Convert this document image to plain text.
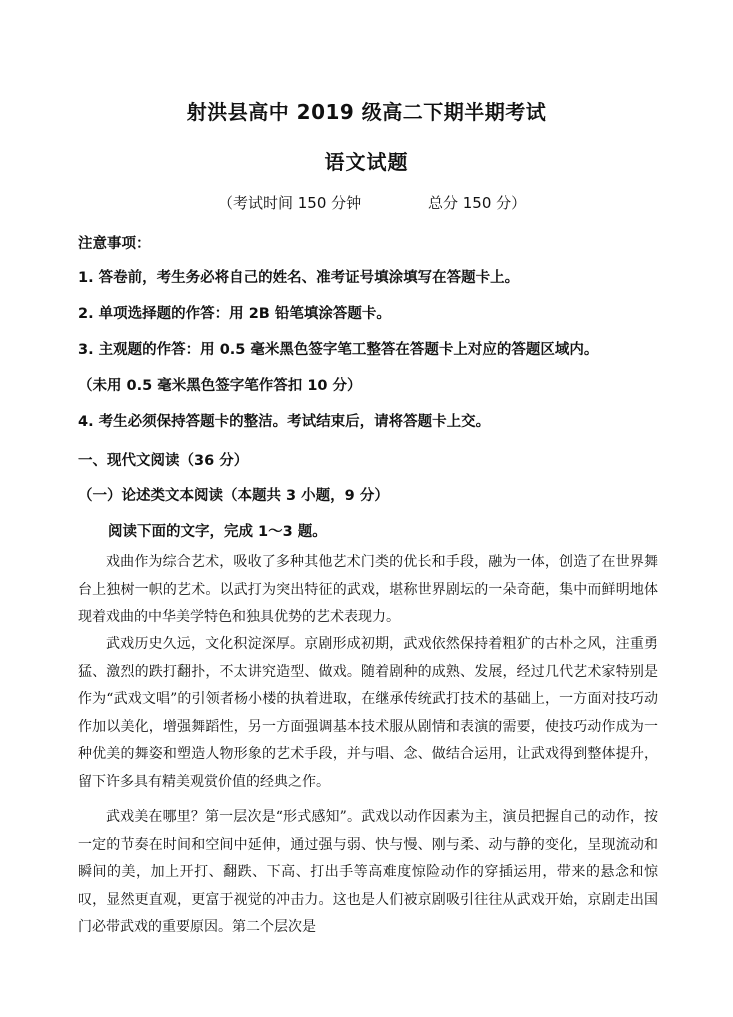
射洪县高中 2019 级高二下期半期考试
语文试题
（考试时间 150 分钟	总分 150 分）
注意事项：
1. 答卷前，考生务必将自己的姓名、准考证号填涂填写在答题卡上。
2. 单项选择题的作答：用 2B 铅笔填涂答题卡。
3. 主观题的作答：用 0.5 毫米黑色签字笔工整答在答题卡上对应的答题区域内。
（未用 0.5 毫米黑色签字笔作答扣 10 分）
4. 考生必须保持答题卡的整洁。考试结束后，请将答题卡上交。
一、现代文阅读（36 分）
（一）论述类文本阅读（本题共 3 小题，9 分）
阅读下面的文字，完成 1～3 题。
戏曲作为综合艺术，吸收了多种其他艺术门类的优长和手段，融为一体，创造了在世界舞台上独树一帜的艺术。以武打为突出特征的武戏，堪称世界剧坛的一朵奇葩，集中而鲜明地体现着戏曲的中华美学特色和独具优势的艺术表现力。
武戏历史久远，文化积淀深厚。京剧形成初期，武戏依然保持着粗犷的古朴之风，注重勇猛、激烈的跌打翻扑，不太讲究造型、做戏。随着剧种的成熟、发展，经过几代艺术家特别是作为“武戏文唱”的引领者杨小楼的执着进取，在继承传统武打技术的基础上，一方面对技巧动作加以美化，增强舞蹈性，另一方面强调基本技术服从剧情和表演的需要，使技巧动作成为一种优美的舞姿和塑造人物形象的艺术手段，并与唱、念、做结合运用，让武戏得到整体提升，留下许多具有精美观赏价值的经典之作。
武戏美在哪里？第一层次是“形式感知”。武戏以动作因素为主，演员把握自己的动作，按一定的节奏在时间和空间中延伸，通过强与弱、快与慢、刚与柔、动与静的变化，呈现流动和瞬间的美，加上开打、翻跌、下高、打出手等高难度惊险动作的穿插运用，带来的悬念和惊叹，显然更直观，更富于视觉的冲击力。这也是人们被京剧吸引往往从武戏开始，京剧走出国门必带武戏的重要原因。第二个层次是
